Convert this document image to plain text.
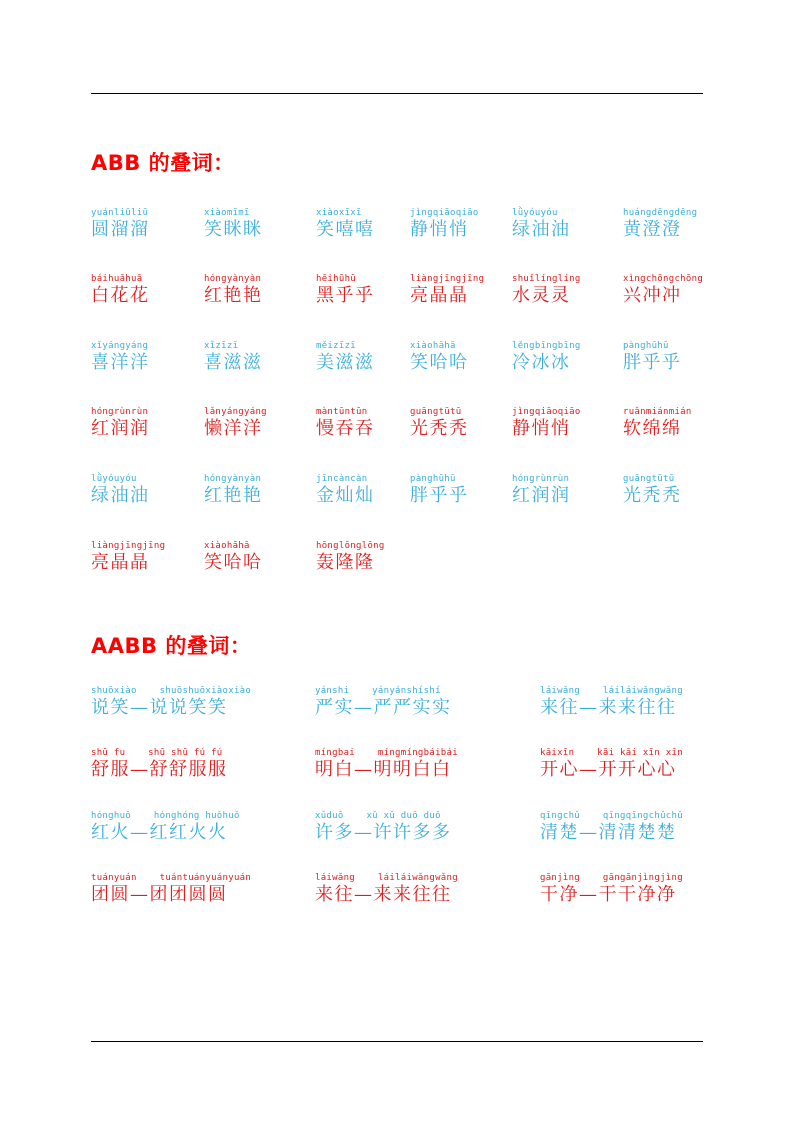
ABB 的叠词：
yuánliūliū
圆溜溜
xiàomīmī
笑眯眯
xiàoxīxī
笑嘻嘻
jìngqiāoqiāo
静悄悄
lǜyóuyóu
绿油油
huángdēngdēng
黄澄澄
báihuāhuā
白花花
hóngyànyàn
红艳艳
hēihūhū
黑乎乎
liàngjīngjīng
亮晶晶
shuǐlínglíng
水灵灵
xìngchōngchōng
兴冲冲
xǐyángyáng
喜洋洋
xǐzīzī
喜滋滋
měizīzī
美滋滋
xiàohāhā
笑哈哈
lěngbīngbīng
冷冰冰
pànghūhū
胖乎乎
hóngrùnrùn
红润润
lǎnyángyáng
懒洋洋
màntūntūn
慢吞吞
guāngtūtū
光秃秃
jìngqiāoqiāo
静悄悄
ruǎnmiánmián
软绵绵
lǜyóuyóu
绿油油
hóngyànyàn
红艳艳
jīncàncàn
金灿灿
pànghūhū
胖乎乎
hóngrùnrùn
红润润
guāngtūtū
光秃秃
liàngjīngjīng
亮晶晶
xiàohāhā
笑哈哈
hōnglōnglōng
轰隆隆
AABB 的叠词：
shuōxiào    shuōshuōxiàoxiào
说笑—说说笑笑
yánshi    yányánshíshí
严实—严严实实
láiwǎng    láiláiwǎngwǎng
来往—来来往往
shū fu    shū shū fú fú
舒服—舒舒服服
míngbai    míngmíngbáibái
明白—明明白白
kāixīn    kāi kāi xīn xīn
开心—开开心心
hónghuǒ    hónghóng huǒhuǒ
红火—红红火火
xǔduō    xǔ xǔ duō duō
许多—许许多多
qīngchǔ    qīngqīngchǔchǔ
清楚—清清楚楚
tuányuán    tuántuányuányuán
团圆—团团圆圆
láiwǎng    láiláiwǎngwǎng
来往—来来往往
gānjìng    gāngānjìngjìng
干净—干干净净
